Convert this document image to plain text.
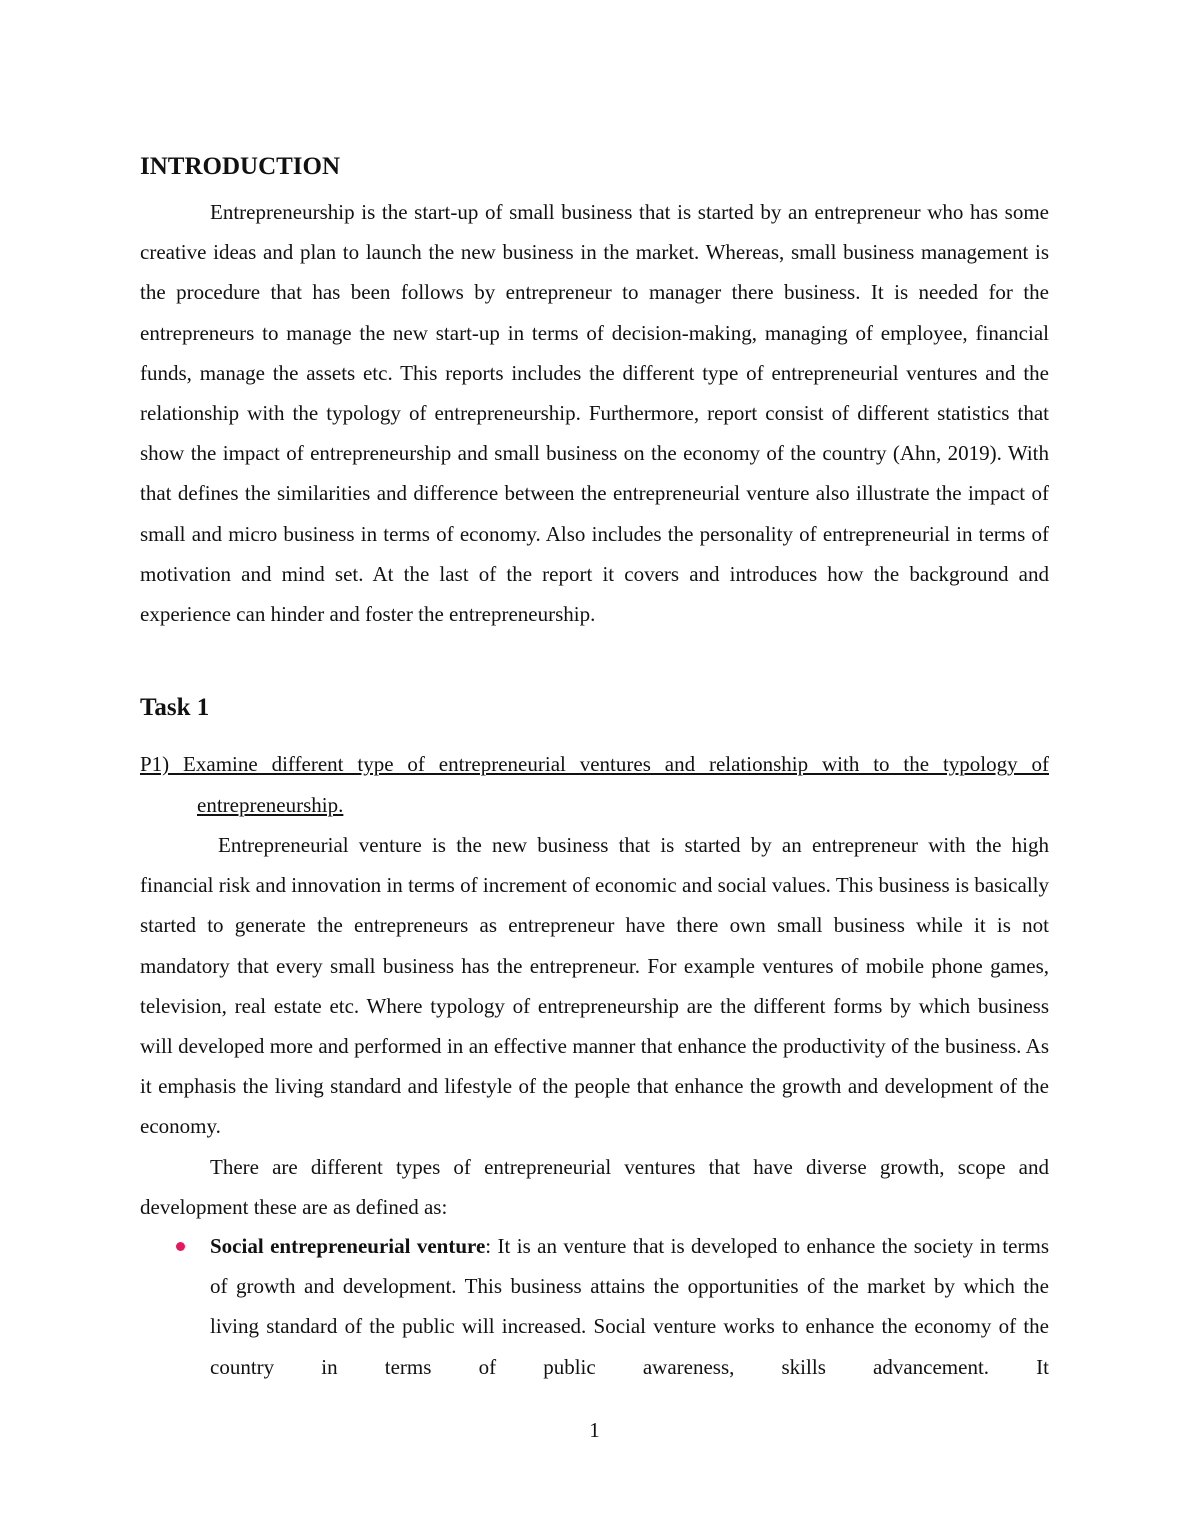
INTRODUCTION

Entrepreneurship is the start-up of small business that is started by an entrepreneur who has some creative ideas and plan to launch the new business in the market. Whereas, small business management is the procedure that has been follows by entrepreneur to manager there business. It is needed for the entrepreneurs to manage the new start-up in terms of decision-making, managing of employee, financial funds, manage the assets etc. This reports includes the different type of entrepreneurial ventures and the relationship with the typology of entrepreneurship. Furthermore, report consist of different statistics that show the impact of entrepreneurship and small business on the economy of the country (Ahn, 2019). With that defines the similarities and difference between the entrepreneurial venture also illustrate the impact of small and micro business in terms of economy. Also includes the personality of entrepreneurial in terms of motivation and mind set. At the last of the report it covers and introduces how the background and experience can hinder and foster the entrepreneurship.

Task 1

P1) Examine different type of entrepreneurial ventures and relationship with to the typology of entrepreneurship.

Entrepreneurial venture is the new business that is started by an entrepreneur with the high financial risk and innovation in terms of increment of economic and social values. This business is basically started to generate the entrepreneurs as entrepreneur have there own small business while it is not mandatory that every small business has the entrepreneur. For example ventures of mobile phone games, television, real estate etc. Where typology of entrepreneurship are the different forms by which business will developed more and performed in an effective manner that enhance the productivity of the business. As it emphasis the living standard and lifestyle of the people that enhance the growth and development of the economy.

There are different types of entrepreneurial ventures that have diverse growth, scope and development these are as defined as:

Social entrepreneurial venture: It is an venture that is developed to enhance the society in terms of growth and development. This business attains the opportunities of the market by which the living standard of the public will increased. Social venture works to enhance the economy of the country in terms of public awareness, skills advancement. It

1
